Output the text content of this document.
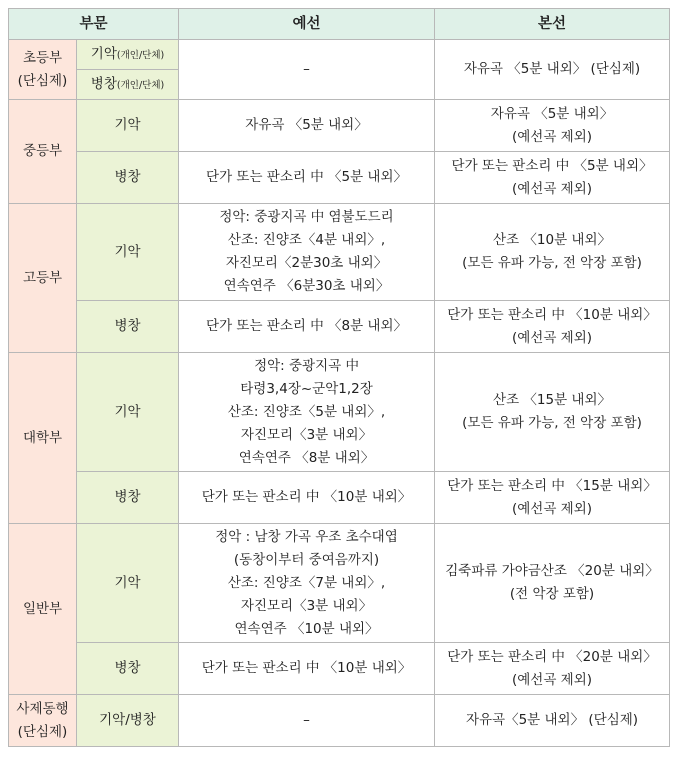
부문		예선	본선

초등부
(단심제)	기악(개인/단체)	–	자유곡 〈5분 내외〉 (단심제)
	병창(개인/단체)		
중등부	기악	자유곡 〈5분 내외〉	자유곡 〈5분 내외〉
(예선곡 제외)

	병창	단가 또는 판소리 中 〈5분 내외〉	단가 또는 판소리 中 〈5분 내외〉
(예선곡 제외)

고등부	기악	정악: 중광지곡 中 염불도드리
산조: 진양조〈4분 내외〉,
자진모리〈2분30초 내외〉
연속연주 〈6분30초 내외〉	산조 〈10분 내외〉
(모든 유파 가능, 전 악장 포함)

	병창	단가 또는 판소리 中 〈8분 내외〉	단가 또는 판소리 中 〈10분 내외〉
(예선곡 제외)

대학부	기악	정악: 중광지곡 中
타령3,4장~군악1,2장
산조: 진양조〈5분 내외〉,
자진모리〈3분 내외〉
연속연주 〈8분 내외〉	산조 〈15분 내외〉
(모든 유파 가능, 전 악장 포함)

	병창	단가 또는 판소리 中 〈10분 내외〉	단가 또는 판소리 中 〈15분 내외〉
(예선곡 제외)

일반부	기악	정악 : 남창 가곡 우조 초수대엽
(동창이부터 중여음까지)
산조: 진양조〈7분 내외〉,
자진모리〈3분 내외〉
연속연주 〈10분 내외〉	김죽파류 가야금산조 〈20분 내외〉
(전 악장 포함)

	병창	단가 또는 판소리 中 〈10분 내외〉	단가 또는 판소리 中 〈20분 내외〉
(예선곡 제외)

사제동행
(단심제)	기악/병창	–	자유곡〈5분 내외〉 (단심제)
